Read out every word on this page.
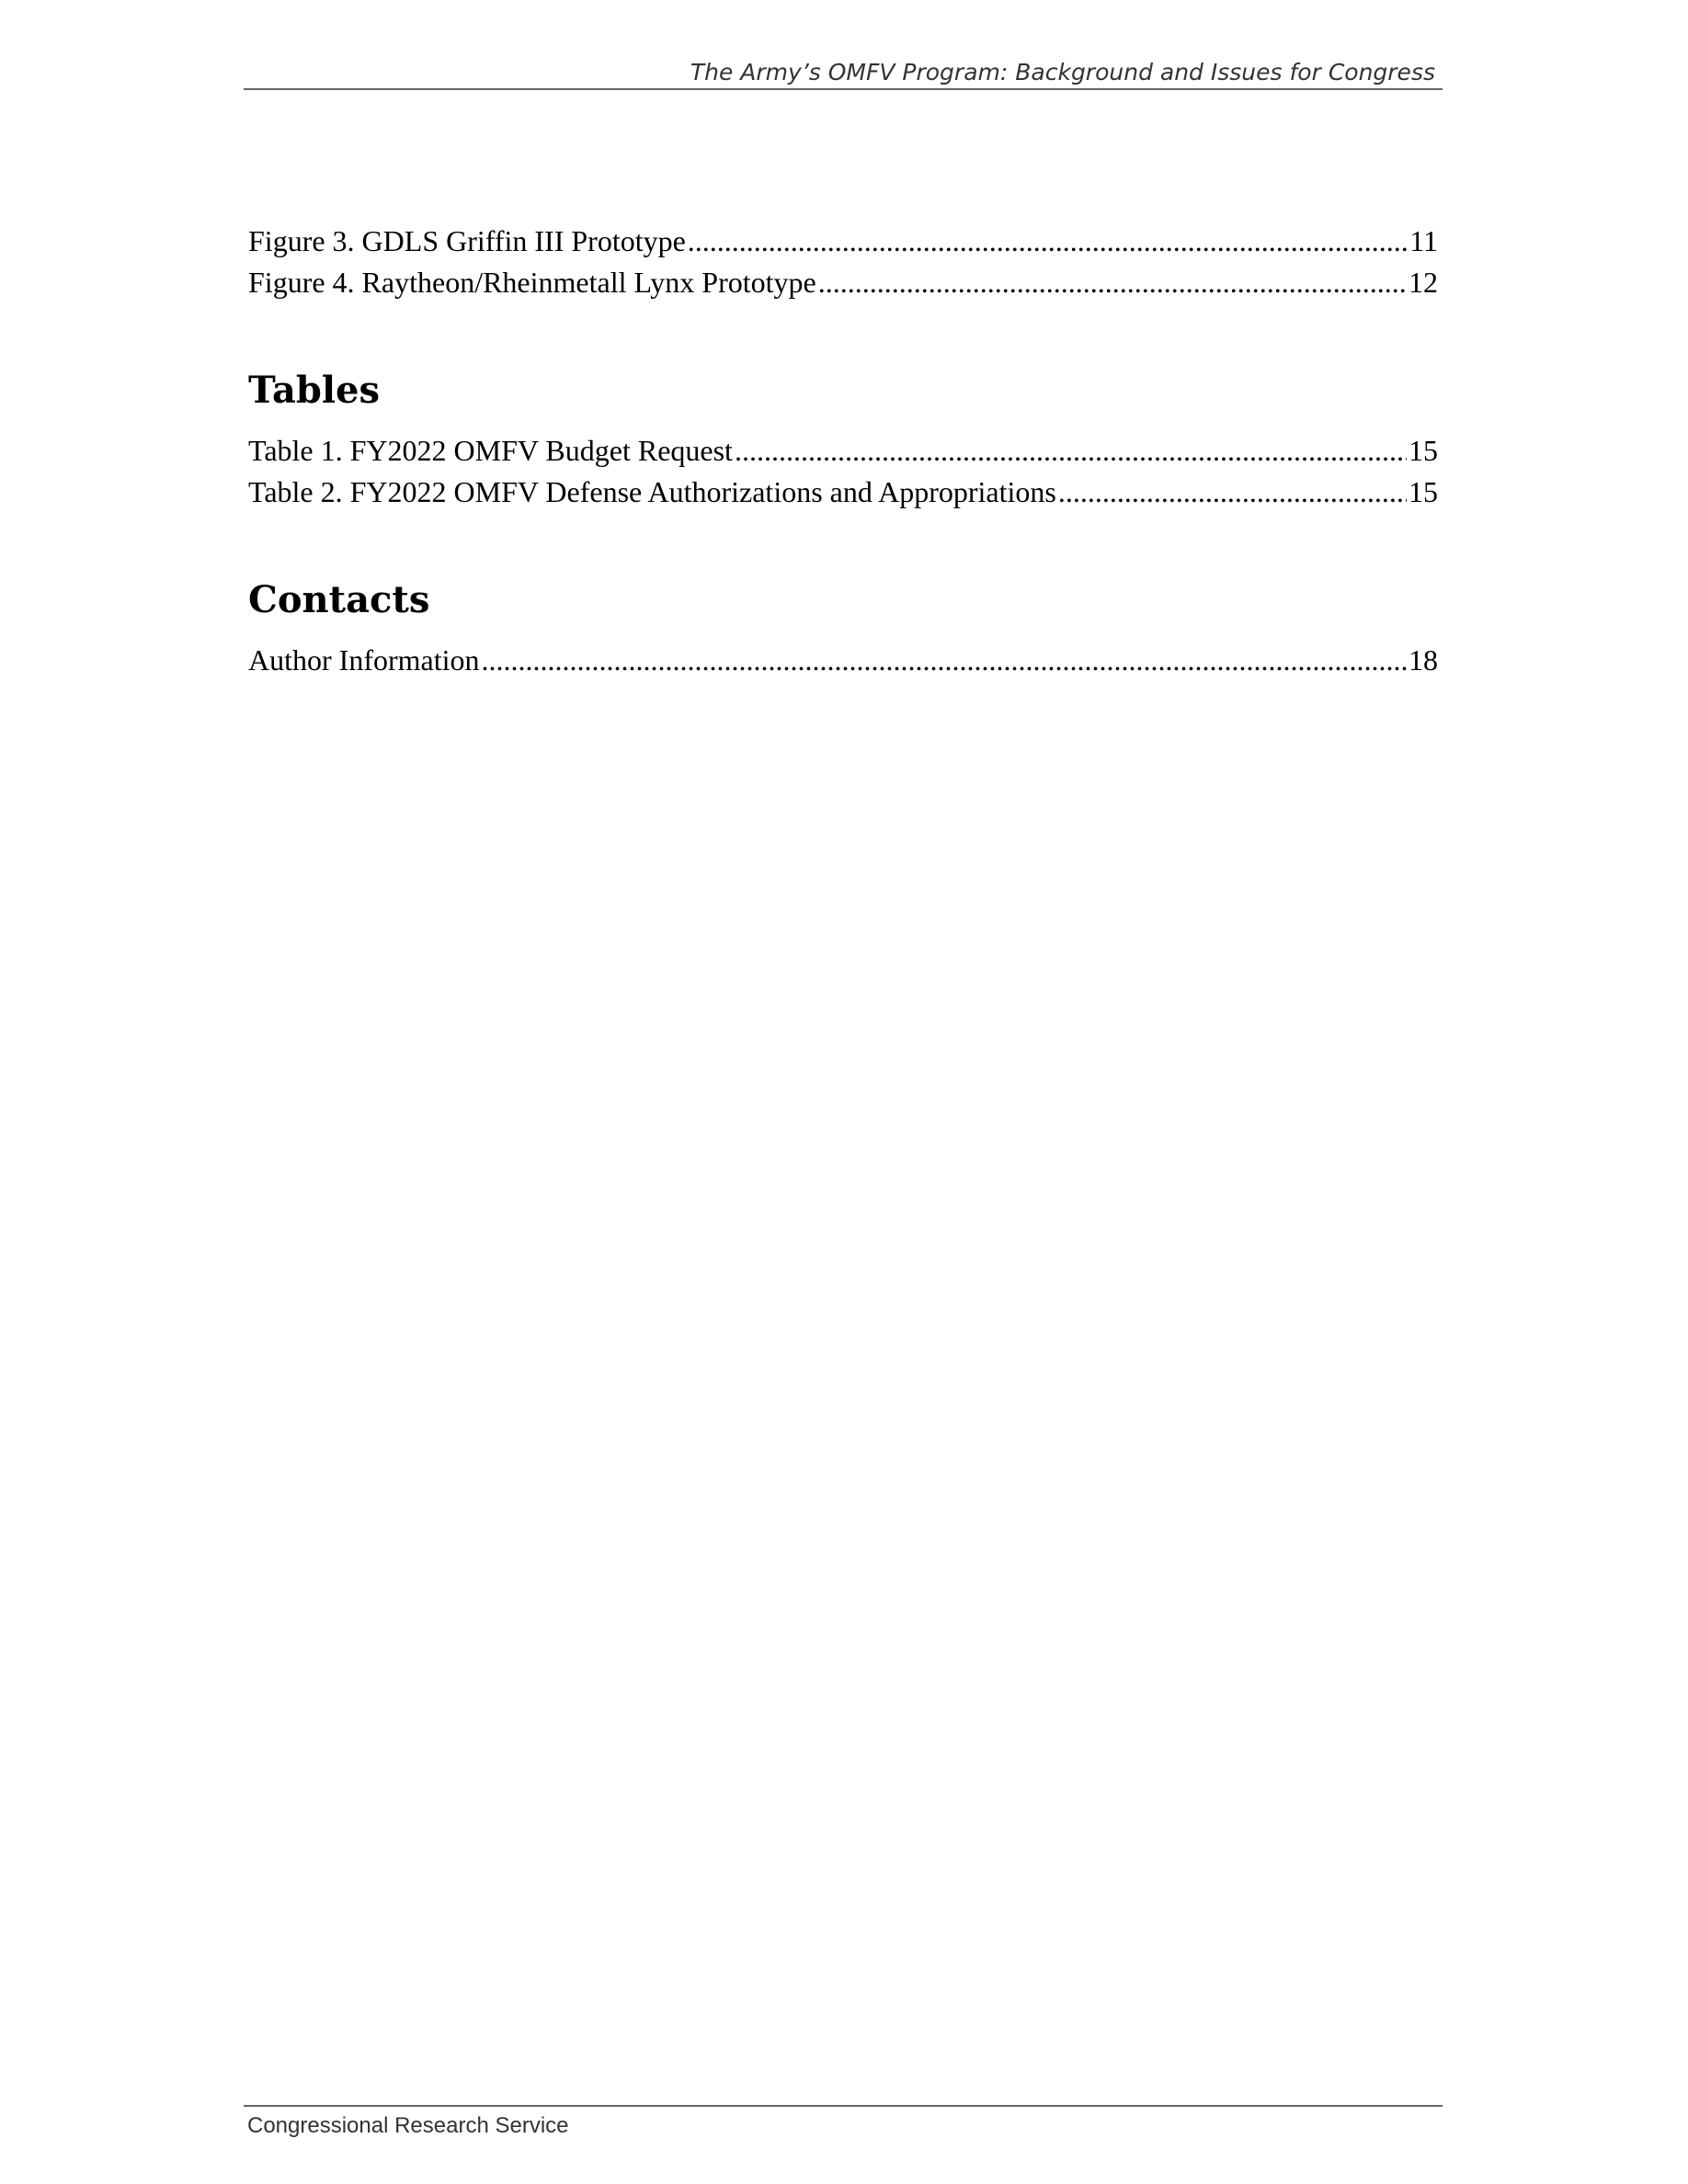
The Army’s OMFV Program: Background and Issues for Congress
Figure 3. GDLS Griffin III Prototype .....	11
Figure 4. Raytheon/Rheinmetall Lynx Prototype .....	12
Tables
Table 1. FY2022 OMFV Budget Request .....	15
Table 2. FY2022 OMFV Defense Authorizations and Appropriations .....	15
Contacts
Author Information .....	18
Congressional Research Service
